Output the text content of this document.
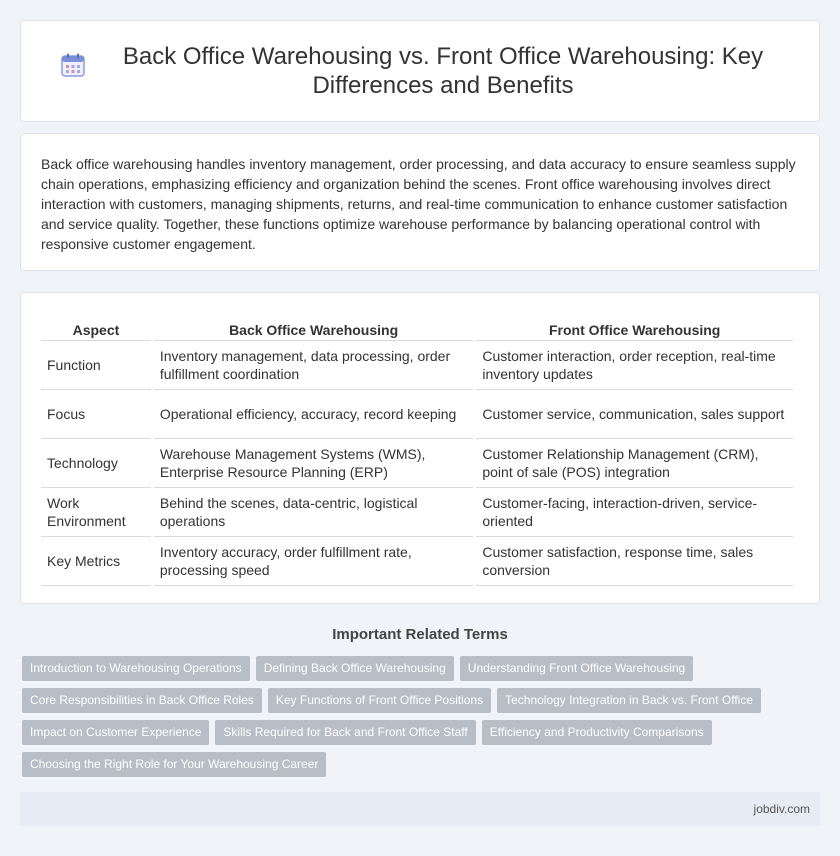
Back Office Warehousing vs. Front Office Warehousing: Key Differences and Benefits

Back office warehousing handles inventory management, order processing, and data accuracy to ensure seamless supply chain operations, emphasizing efficiency and organization behind the scenes. Front office warehousing involves direct interaction with customers, managing shipments, returns, and real-time communication to enhance customer satisfaction and service quality. Together, these functions optimize warehouse performance by balancing operational control with responsive customer engagement.

Aspect	Back Office Warehousing	Front Office Warehousing
Function	Inventory management, data processing, order fulfillment coordination	Customer interaction, order reception, real-time inventory updates
Focus	Operational efficiency, accuracy, record keeping	Customer service, communication, sales support
Technology	Warehouse Management Systems (WMS), Enterprise Resource Planning (ERP)	Customer Relationship Management (CRM), point of sale (POS) integration
Work Environment	Behind the scenes, data-centric, logistical operations	Customer-facing, interaction-driven, service-oriented
Key Metrics	Inventory accuracy, order fulfillment rate, processing speed	Customer satisfaction, response time, sales conversion
Important Related Terms
Introduction to Warehousing Operations	Defining Back Office Warehousing	Understanding Front Office Warehousing
Core Responsibilities in Back Office Roles	Key Functions of Front Office Positions	Technology Integration in Back vs. Front Office
Impact on Customer Experience	Skills Required for Back and Front Office Staff	Efficiency and Productivity Comparisons
Choosing the Right Role for Your Warehousing Career
jobdiv.com
